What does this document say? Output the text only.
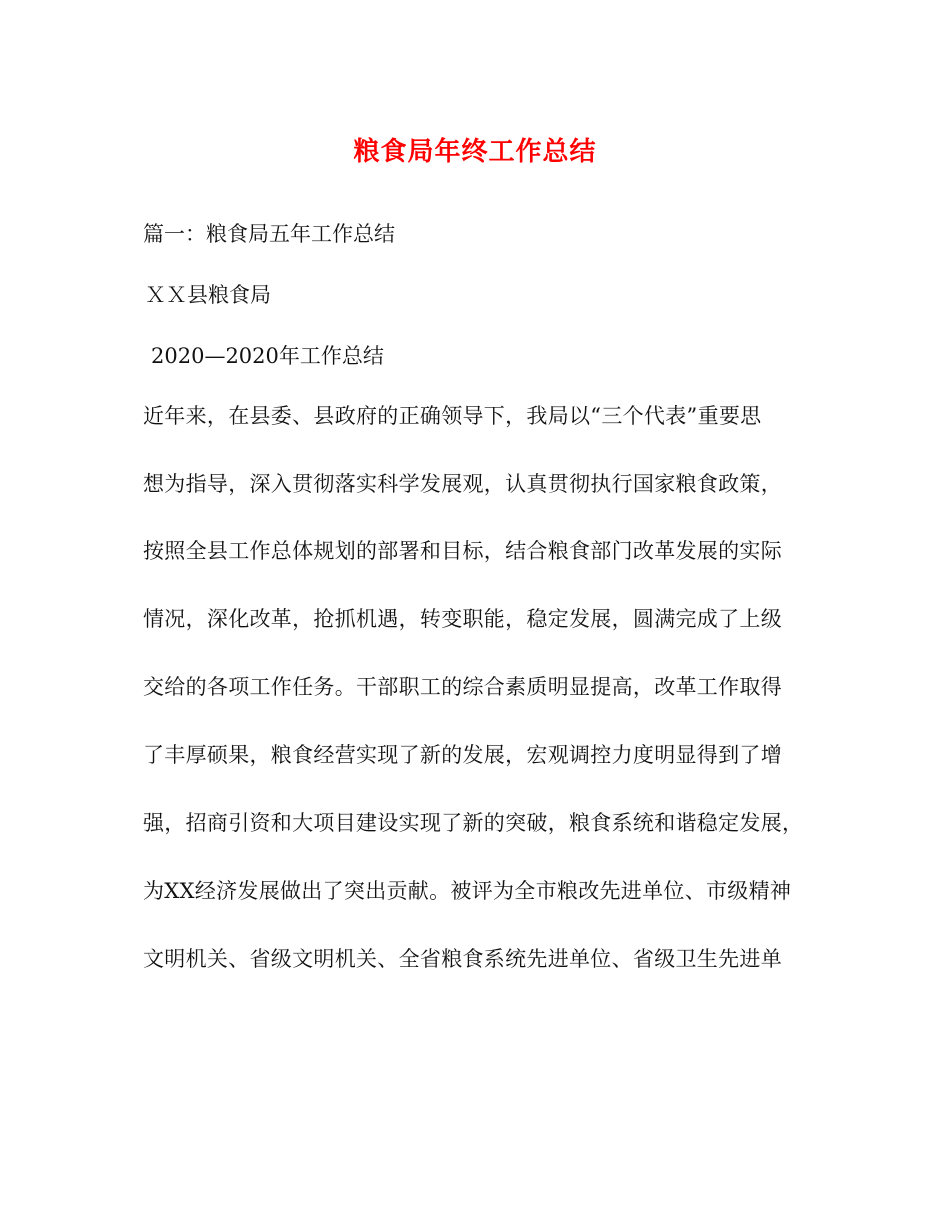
粮食局年终工作总结

篇一：粮食局五年工作总结

ＸＸ县粮食局

2020—2020年工作总结

近年来，在县委、县政府的正确领导下，我局以“三个代表”重要思

想为指导，深入贯彻落实科学发展观，认真贯彻执行国家粮食政策，

按照全县工作总体规划的部署和目标，结合粮食部门改革发展的实际

情况，深化改革，抢抓机遇，转变职能，稳定发展，圆满完成了上级

交给的各项工作任务。干部职工的综合素质明显提高，改革工作取得

了丰厚硕果，粮食经营实现了新的发展，宏观调控力度明显得到了增

强，招商引资和大项目建设实现了新的突破，粮食系统和谐稳定发展，

为XX经济发展做出了突出贡献。被评为全市粮改先进单位、市级精神

文明机关、省级文明机关、全省粮食系统先进单位、省级卫生先进单
